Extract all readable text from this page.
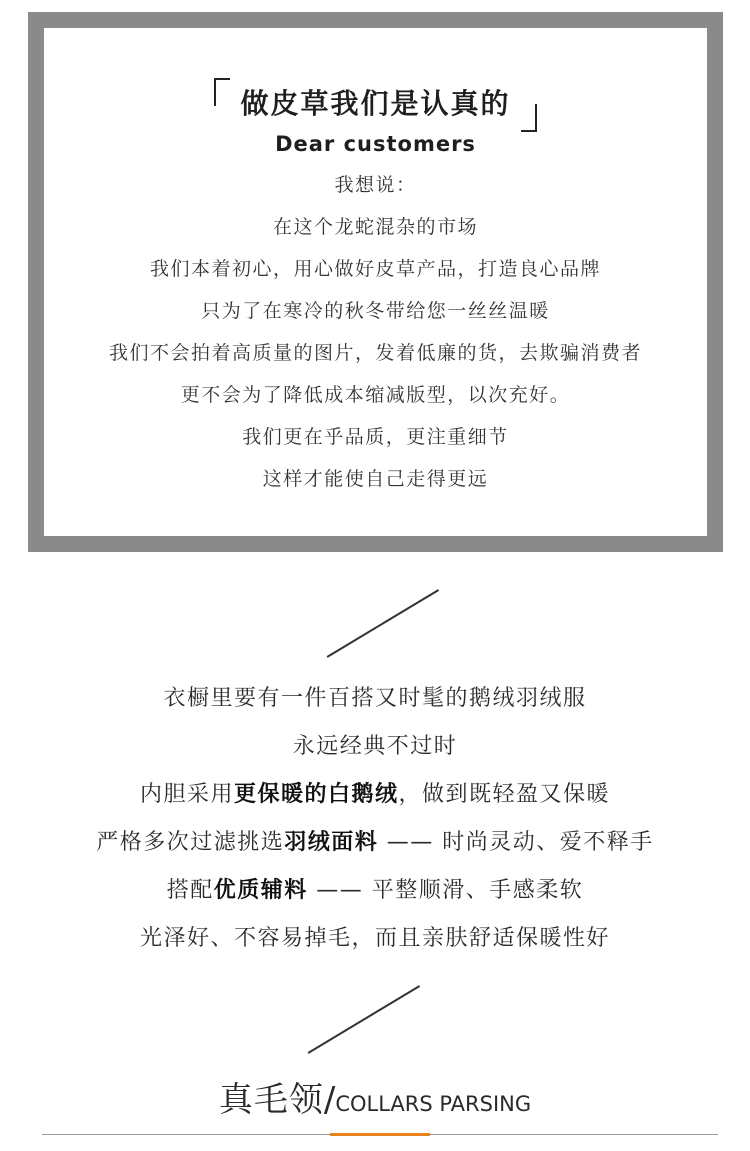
做皮草我们是认真的
Dear customers
我想说：
在这个龙蛇混杂的市场
我们本着初心，用心做好皮草产品，打造良心品牌
只为了在寒冷的秋冬带给您一丝丝温暖
我们不会拍着高质量的图片，发着低廉的货，去欺骗消费者
更不会为了降低成本缩减版型，以次充好。
我们更在乎品质，更注重细节
这样才能使自己走得更远
衣橱里要有一件百搭又时髦的鹅绒羽绒服
永远经典不过时
内胆采用更保暖的白鹅绒，做到既轻盈又保暖
严格多次过滤挑选羽绒面料 —— 时尚灵动、爱不释手
搭配优质辅料 —— 平整顺滑、手感柔软
光泽好、不容易掉毛，而且亲肤舒适保暖性好
真毛领/COLLARS PARSING
